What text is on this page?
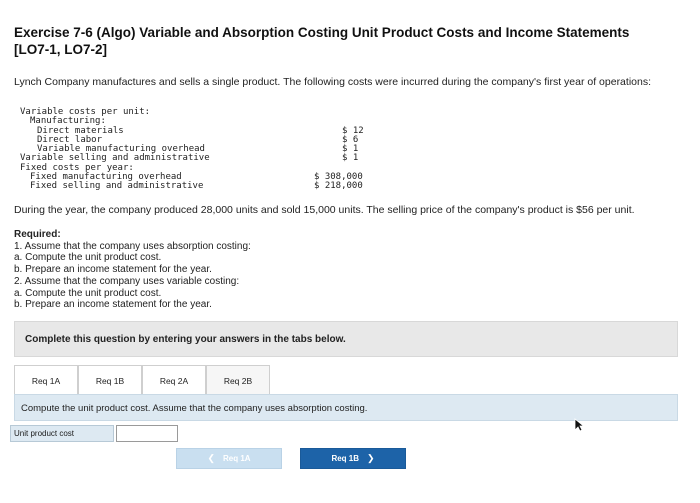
Exercise 7-6 (Algo) Variable and Absorption Costing Unit Product Costs and Income Statements [LO7-1, LO7-2]
Lynch Company manufactures and sells a single product. The following costs were incurred during the company's first year of operations:
Variable costs per unit:
Manufacturing:
Direct materials	$ 12
Direct labor	$ 6
Variable manufacturing overhead	$ 1
Variable selling and administrative	$ 1
Fixed costs per year:
Fixed manufacturing overhead	$ 308,000
Fixed selling and administrative	$ 218,000
During the year, the company produced 28,000 units and sold 15,000 units. The selling price of the company's product is $56 per unit.
Required:
1. Assume that the company uses absorption costing:
a. Compute the unit product cost.
b. Prepare an income statement for the year.
2. Assume that the company uses variable costing:
a. Compute the unit product cost.
b. Prepare an income statement for the year.
Complete this question by entering your answers in the tabs below.
Req 1A	Req 1B	Req 2A	Req 2B
Compute the unit product cost. Assume that the company uses absorption costing.
Unit product cost
❮ Req 1A	Req 1B ❯
